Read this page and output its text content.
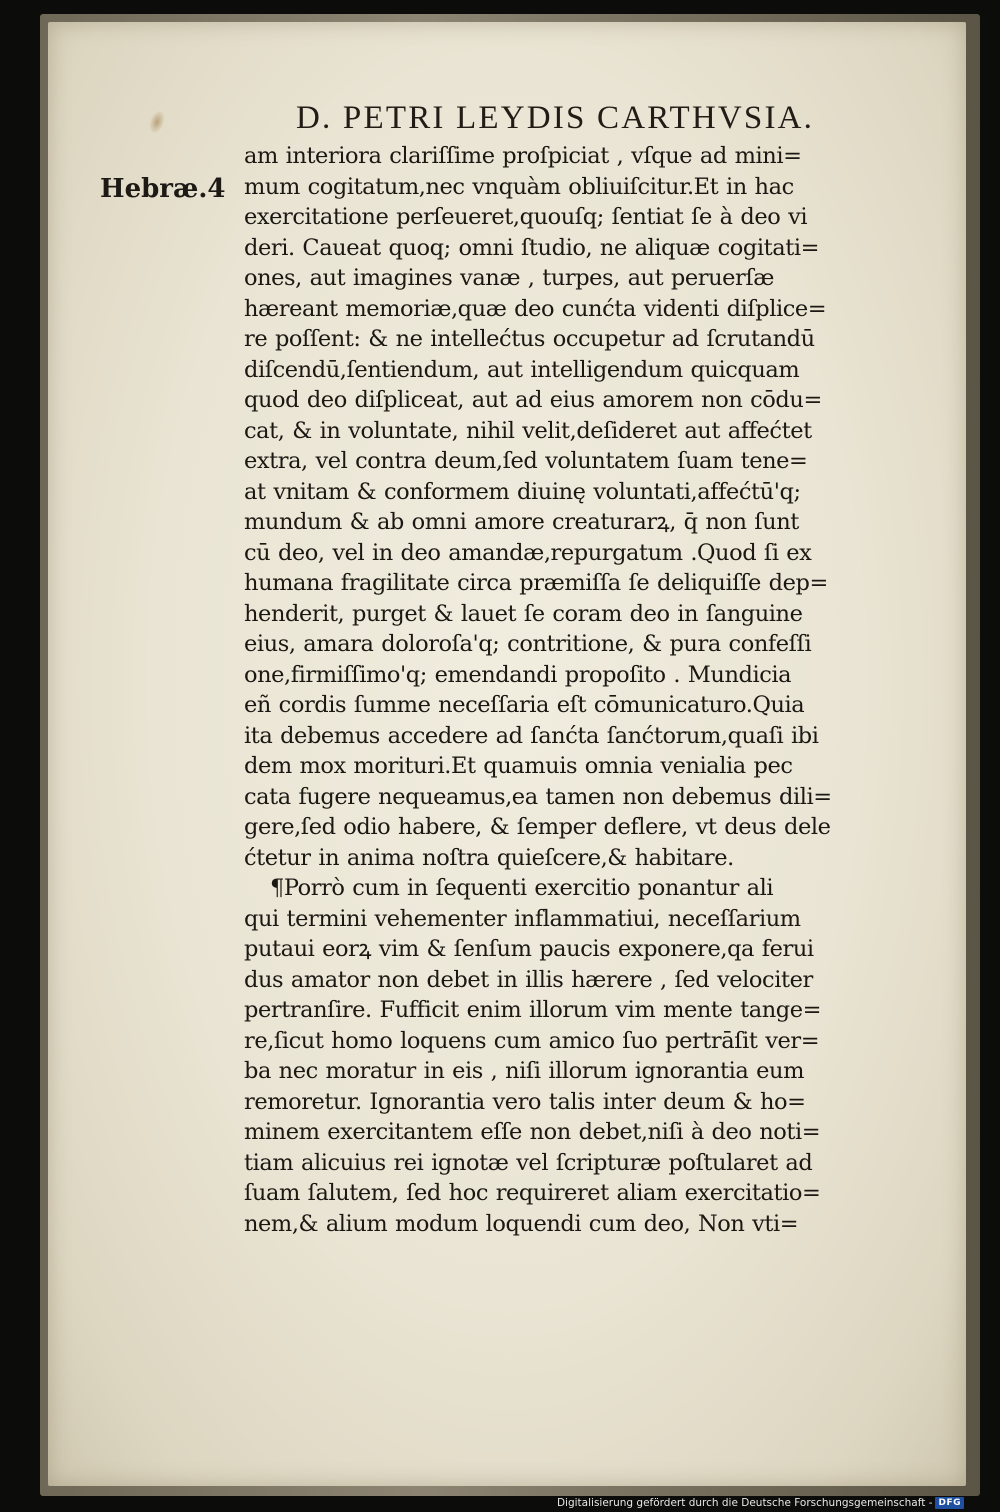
D. PETRI LEYDIS CARTHVSIA.
Hebræ.4
am interiora clariſſime proſpiciat , vſque ad mini=
mum cogitatum,nec vnquàm obliuiſcitur.Et in hac
exercitatione perſeueret,quouſq; ſentiat ſe à deo vi
deri. Caueat quoq; omni ſtudio, ne aliquæ cogitati=
ones, aut imagines vanæ , turpes, aut peruerſæ
hæreant memoriæ,quæ deo cunćta videnti diſplice=
re poſſent: & ne intellećtus occupetur ad ſcrutandū
diſcendū,ſentiendum, aut intelligendum quicquam
quod deo diſpliceat, aut ad eius amorem non cōdu=
cat, & in voluntate, nihil velit,deſideret aut affećtet
extra, vel contra deum,ſed voluntatem ſuam tene=
at vnitam & conformem diuinę voluntati,affećtū'q;
mundum & ab omni amore creaturarꝝ, q̄ non ſunt
cū deo, vel in deo amandæ,repurgatum .Quod ſi ex
humana fragilitate circa præmiſſa ſe deliquiſſe dep=
henderit, purget & lauet ſe coram deo in ſanguine
eius, amara doloroſa'q; contritione, & pura confeſſi
one,firmiſſimo'q; emendandi propoſito . Mundicia
eñ cordis ſumme neceſſaria eſt cōmunicaturo.Quia
ita debemus accedere ad ſanćta ſanćtorum,quaſi ibi
dem mox morituri.Et quamuis omnia venialia pec
cata fugere nequeamus,ea tamen non debemus dili=
gere,ſed odio habere, & ſemper deflere, vt deus dele
ćtetur in anima noſtra quieſcere,& habitare.
¶Porrò cum in ſequenti exercitio ponantur ali
qui termini vehementer inflammatiui, neceſſarium
putaui eorꝝ vim & ſenſum paucis exponere,qa ferui
dus amator non debet in illis hærere , ſed velociter
pertranſire. Fufficit enim illorum vim mente tange=
re,ſicut homo loquens cum amico ſuo pertrāſit ver=
ba nec moratur in eis , niſi illorum ignorantia eum
remoretur. Ignorantia vero talis inter deum & ho=
minem exercitantem eſſe non debet,niſi à deo noti=
tiam alicuius rei ignotæ vel ſcripturæ poſtularet ad
ſuam ſalutem, ſed hoc requireret aliam exercitatio=
nem,& alium modum loquendi cum deo, Non vti=
Digitalisierung gefördert durch die Deutsche Forschungsgemeinschaft - DFG
